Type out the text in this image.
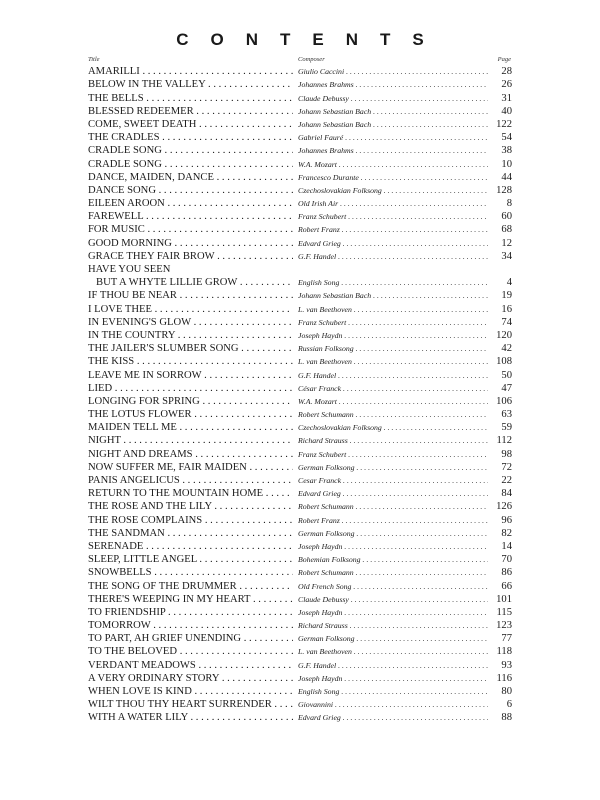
CONTENTS
Title	Composer	Page
AMARILLI . . .	Giulio Caccini . . .	28
BELOW IN THE VALLEY . . .	Johannes Brahms . . .	26
THE BELLS . . .	Claude Debussy . . .	31
BLESSED REDEEMER . . .	Johann Sebastian Bach . . .	40
COME, SWEET DEATH . . .	Johann Sebastian Bach . . .	122
THE CRADLES . . .	Gabriel Fauré . . .	54
CRADLE SONG . . .	Johannes Brahms . . .	38
CRADLE SONG . . .	W.A. Mozart . . .	10
DANCE, MAIDEN, DANCE . . .	Francesco Durante . . .	44
DANCE SONG . . .	Czechoslovakian Folksong . . .	128
EILEEN AROON . . .	Old Irish Air . . .	8
FAREWELL . . .	Franz Schubert . . .	60
FOR MUSIC . . .	Robert Franz . . .	68
GOOD MORNING . . .	Edvard Grieg . . .	12
GRACE THEY FAIR BROW . . .	G.F. Handel . . .	34
HAVE YOU SEEN
BUT A WHYTE LILLIE GROW . . .	English Song . . .	4
IF THOU BE NEAR . . .	Johann Sebastian Bach . . .	19
I LOVE THEE . . .	L. van Beethoven . . .	16
IN EVENING'S GLOW . . .	Franz Schubert . . .	74
IN THE COUNTRY . . .	Joseph Haydn . . .	120
THE JAILER'S SLUMBER SONG . . .	Russian Folksong . . .	42
THE KISS . . .	L. van Beethoven . . .	108
LEAVE ME IN SORROW . . .	G.F. Handel . . .	50
LIED . . .	César Franck . . .	47
LONGING FOR SPRING . . .	W.A. Mozart . . .	106
THE LOTUS FLOWER . . .	Robert Schumann . . .	63
MAIDEN TELL ME . . .	Czechoslovakian Folksong . . .	59
NIGHT . . .	Richard Strauss . . .	112
NIGHT AND DREAMS . . .	Franz Schubert . . .	98
NOW SUFFER ME, FAIR MAIDEN . . .	German Folksong . . .	72
PANIS ANGELICUS . . .	Cesar Franck . . .	22
RETURN TO THE MOUNTAIN HOME . . .	Edvard Grieg . . .	84
THE ROSE AND THE LILY . . .	Robert Schumann . . .	126
THE ROSE COMPLAINS . . .	Robert Franz . . .	96
THE SANDMAN . . .	German Folksong . . .	82
SERENADE . . .	Joseph Haydn . . .	14
SLEEP, LITTLE ANGEL . . .	Bohemian Folksong . . .	70
SNOWBELLS . . .	Robert Schumann . . .	86
THE SONG OF THE DRUMMER . . .	Old French Song . . .	66
THERE'S WEEPING IN MY HEART . . .	Claude Debussy . . .	101
TO FRIENDSHIP . . .	Joseph Haydn . . .	115
TOMORROW . . .	Richard Strauss . . .	123
TO PART, AH GRIEF UNENDING . . .	German Folksong . . .	77
TO THE BELOVED . . .	L. van Beethoven . . .	118
VERDANT MEADOWS . . .	G.F. Handel . . .	93
A VERY ORDINARY STORY . . .	Joseph Haydn . . .	116
WHEN LOVE IS KIND . . .	English Song . . .	80
WILT THOU THY HEART SURRENDER . . .	Giovannini . . .	6
WITH A WATER LILY . . .	Edvard Grieg . . .	88
